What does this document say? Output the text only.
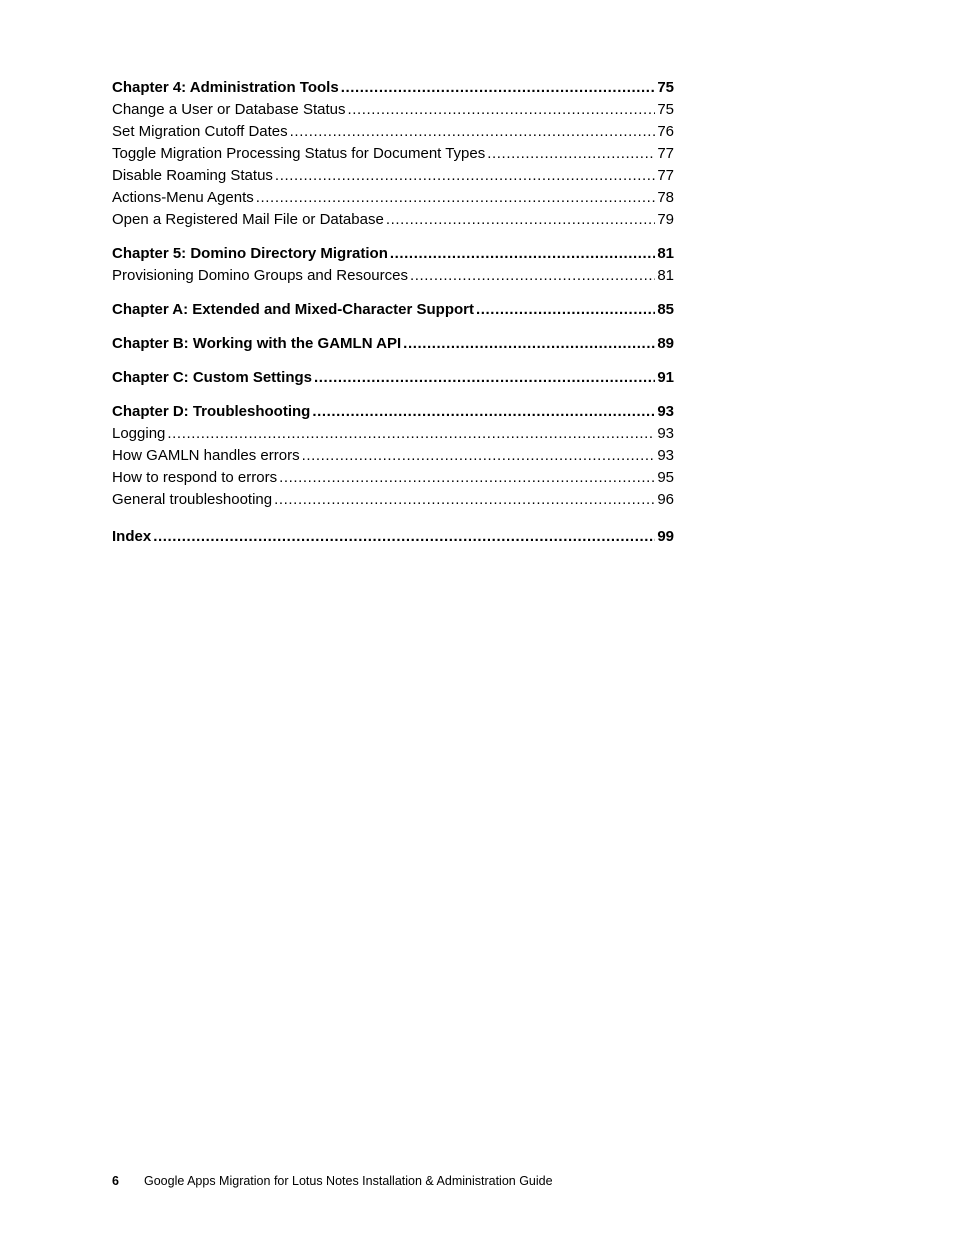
Chapter 4: Administration Tools .....	75
Change a User or Database Status .....	75
Set Migration Cutoff Dates .....	76
Toggle Migration Processing Status for Document Types .....	77
Disable Roaming Status .....	77
Actions-Menu Agents .....	78
Open a Registered Mail File or Database .....	79
Chapter 5: Domino Directory Migration .....	81
Provisioning Domino Groups and Resources .....	81
Chapter A: Extended and Mixed-Character Support .....	85
Chapter B: Working with the GAMLN API .....	89
Chapter C: Custom Settings .....	91
Chapter D: Troubleshooting .....	93
Logging .....	93
How GAMLN handles errors .....	93
How to respond to errors .....	95
General troubleshooting .....	96
Index .....	99
6 Google Apps Migration for Lotus Notes Installation & Administration Guide
